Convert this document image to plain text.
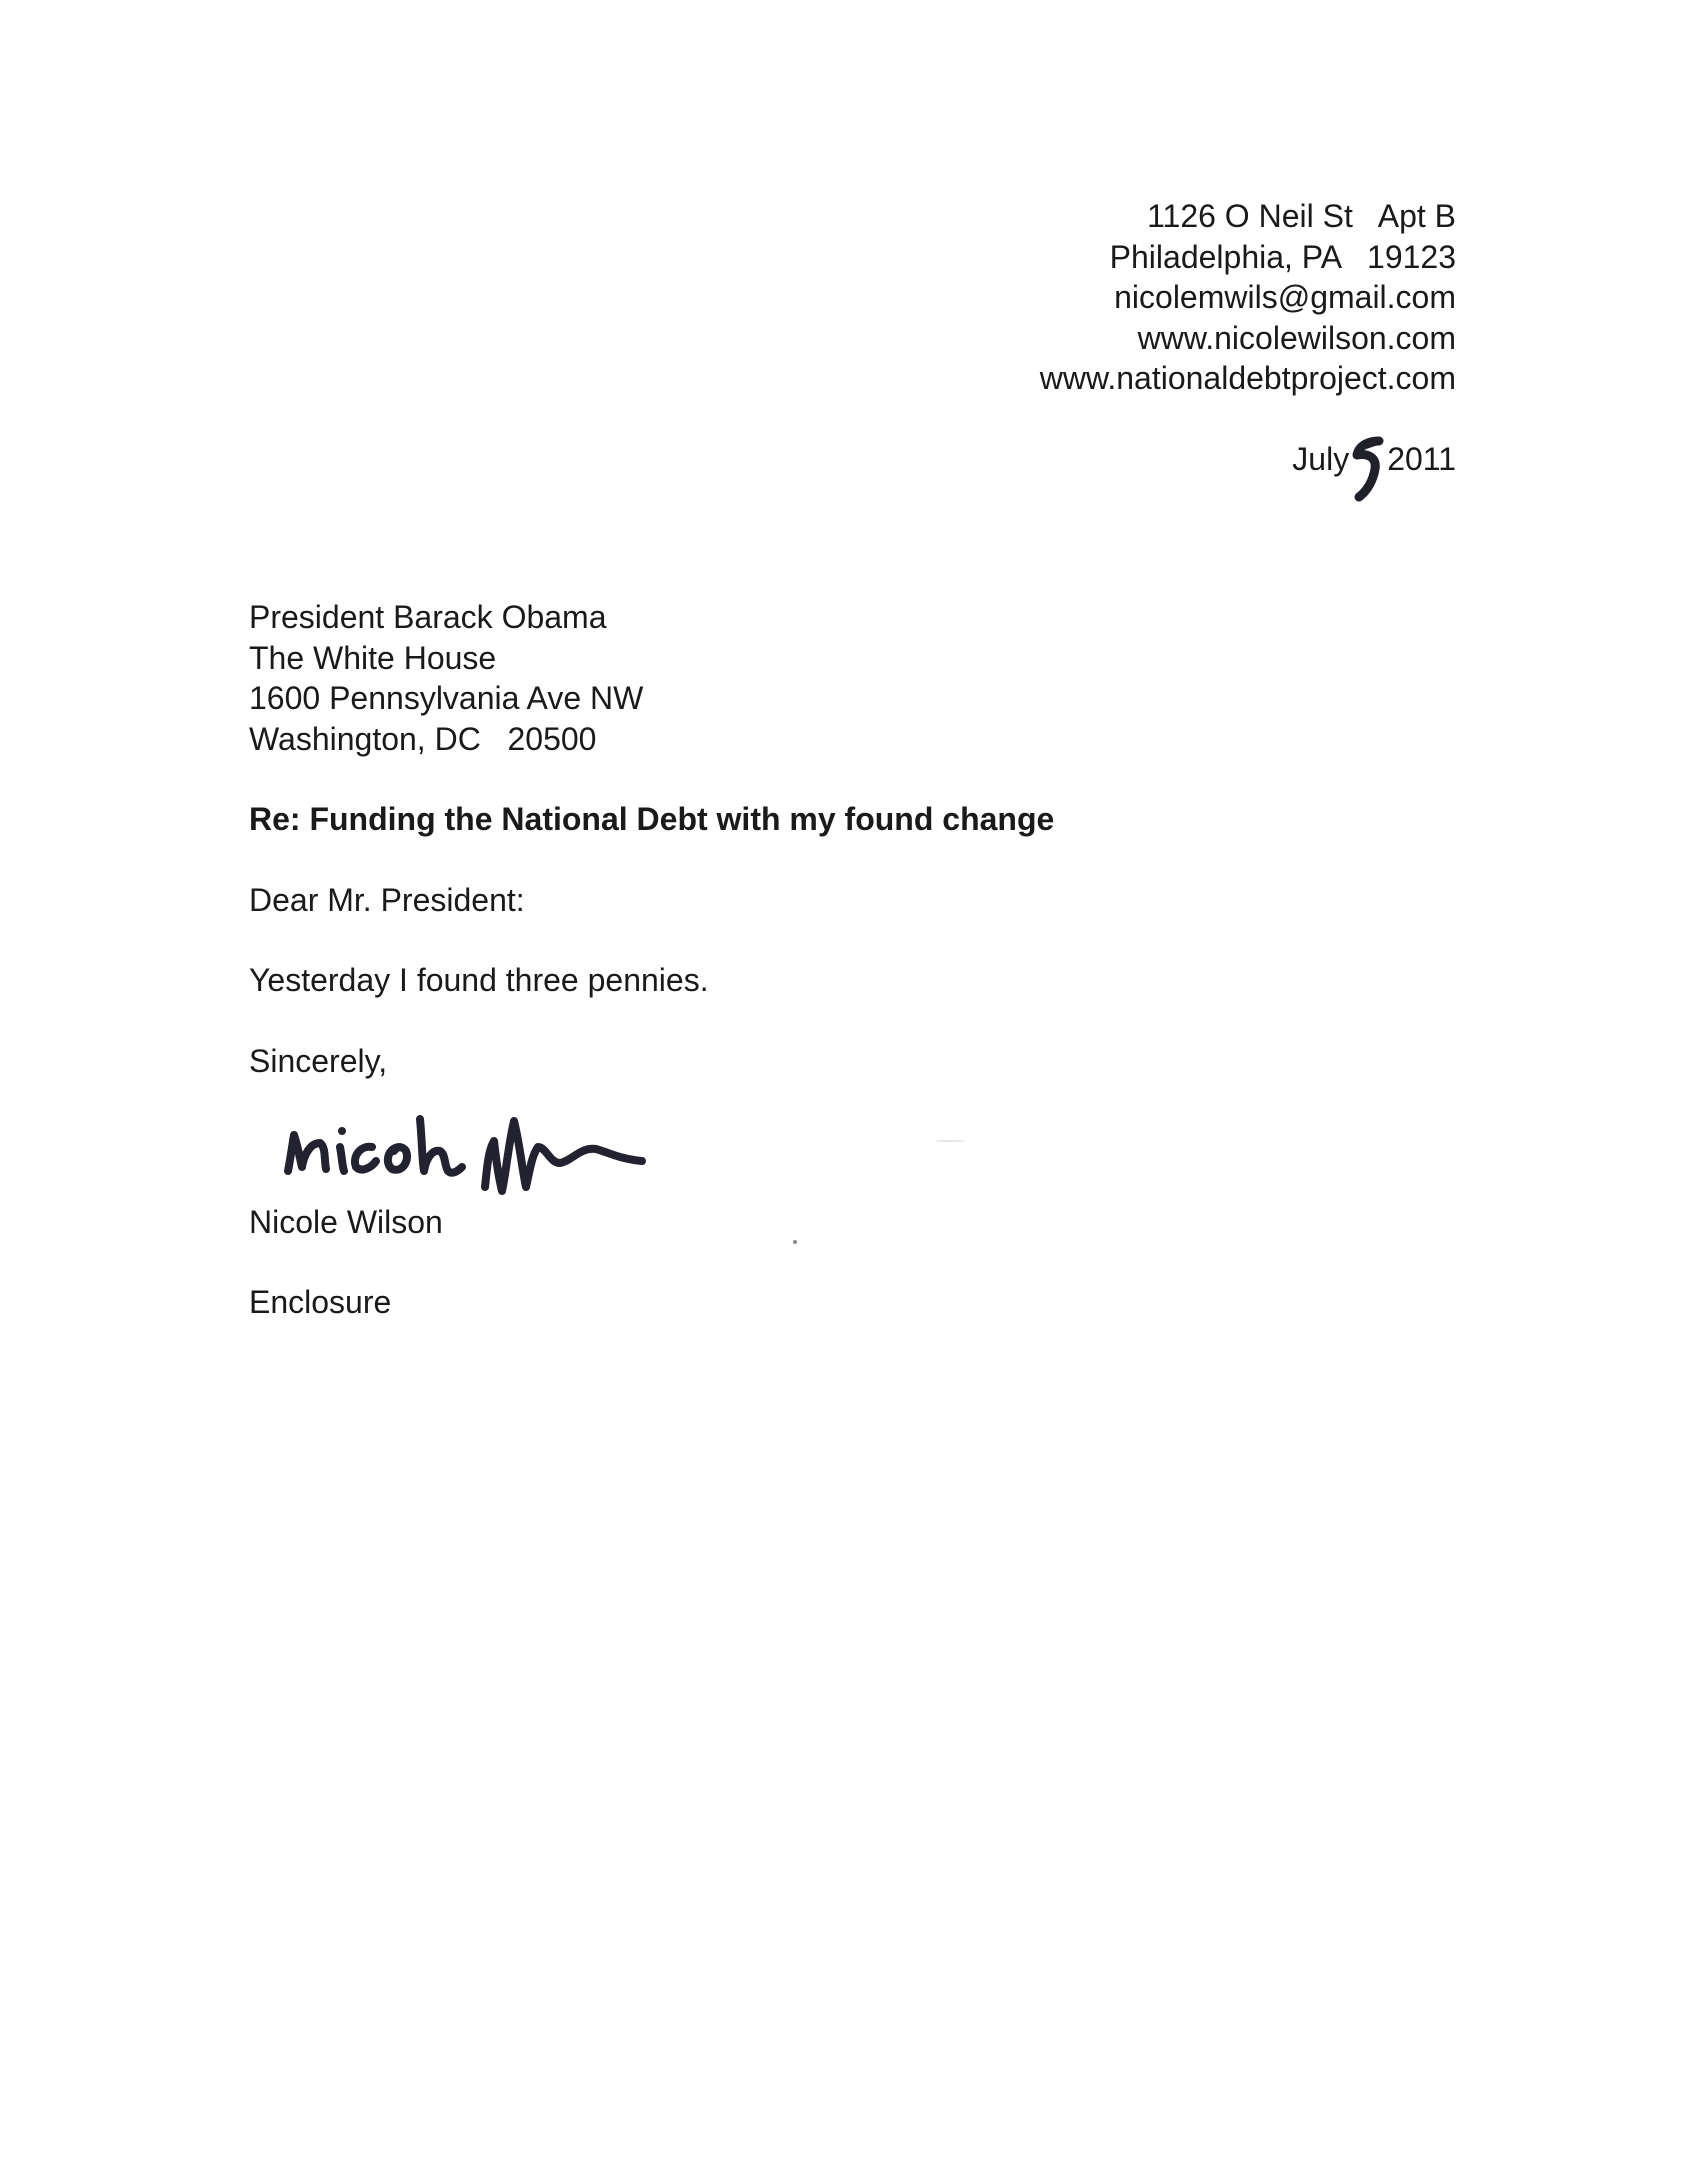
1126 O Neil St   Apt B
Philadelphia, PA   19123
nicolemwils@gmail.com
www.nicolewilson.com
www.nationaldebtproject.com

July 2011

President Barack Obama
The White House
1600 Pennsylvania Ave NW
Washington, DC   20500
Re: Funding the National Debt with my found change
Dear Mr. President:
Yesterday I found three pennies.
Sincerely,
Nicole Wilson
Enclosure
